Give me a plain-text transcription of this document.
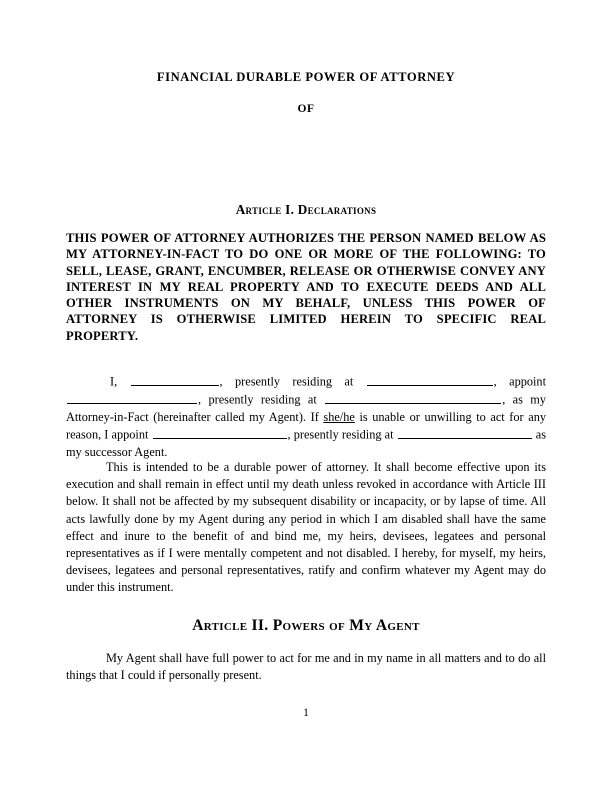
FINANCIAL DURABLE POWER OF ATTORNEY
OF
Article I. Declarations
THIS POWER OF ATTORNEY AUTHORIZES THE PERSON NAMED BELOW AS MY ATTORNEY-IN-FACT TO DO ONE OR MORE OF THE FOLLOWING: TO SELL, LEASE, GRANT, ENCUMBER, RELEASE OR OTHERWISE CONVEY ANY INTEREST IN MY REAL PROPERTY AND TO EXECUTE DEEDS AND ALL OTHER INSTRUMENTS ON MY BEHALF, UNLESS THIS POWER OF ATTORNEY IS OTHERWISE LIMITED HEREIN TO SPECIFIC REAL PROPERTY.
I,	, presently residing at	, appoint , presently residing at	, as my Attorney-in-Fact (hereinafter called my Agent). If she/he is unable or unwilling to act for any reason, I appoint	, presently residing at	as my successor Agent.
This is intended to be a durable power of attorney. It shall become effective upon its execution and shall remain in effect until my death unless revoked in accordance with Article III below. It shall not be affected by my subsequent disability or incapacity, or by lapse of time. All acts lawfully done by my Agent during any period in which I am disabled shall have the same effect and inure to the benefit of and bind me, my heirs, devisees, legatees and personal representatives as if I were mentally competent and not disabled. I hereby, for myself, my heirs, devisees, legatees and personal representatives, ratify and confirm whatever my Agent may do under this instrument.
Article II. Powers of My Agent
My Agent shall have full power to act for me and in my name in all matters and to do all things that I could if personally present.
1
